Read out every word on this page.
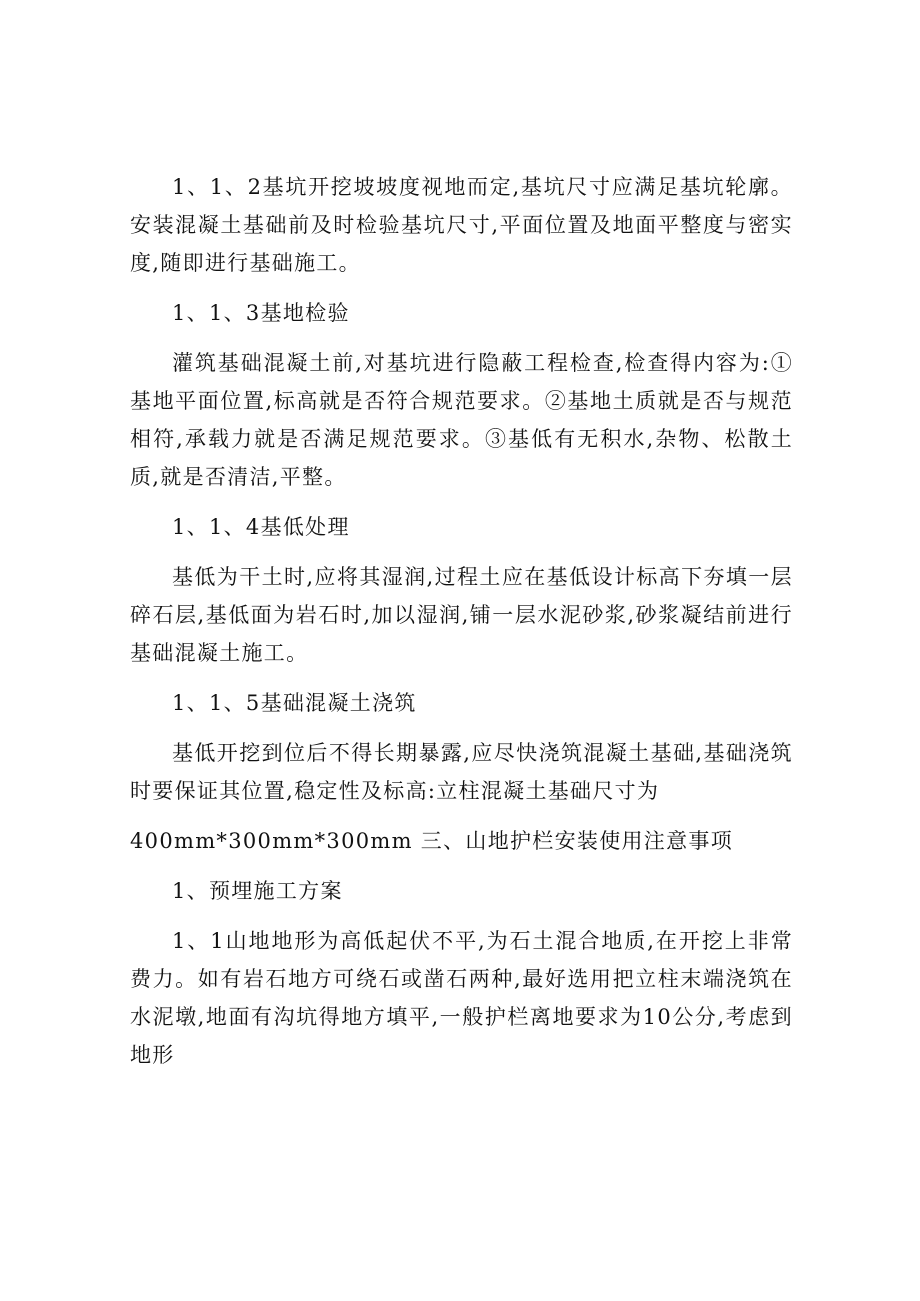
1、1、2基坑开挖坡坡度视地而定,基坑尺寸应满足基坑轮廓。安装混凝土基础前及时检验基坑尺寸,平面位置及地面平整度与密实度,随即进行基础施工。

1、1、3基地检验

灌筑基础混凝土前,对基坑进行隐蔽工程检查,检查得内容为:①基地平面位置,标高就是否符合规范要求。②基地土质就是否与规范相符,承载力就是否满足规范要求。③基低有无积水,杂物、松散土质,就是否清洁,平整。

1、1、4基低处理

基低为干土时,应将其湿润,过程土应在基低设计标高下夯填一层碎石层,基低面为岩石时,加以湿润,铺一层水泥砂浆,砂浆凝结前进行基础混凝土施工。

1、1、5基础混凝土浇筑

基低开挖到位后不得长期暴露,应尽快浇筑混凝土基础,基础浇筑时要保证其位置,稳定性及标高:立柱混凝土基础尺寸为

400mm*300mm*300mm 三、山地护栏安装使用注意事项

1、预埋施工方案

1、1山地地形为高低起伏不平,为石土混合地质,在开挖上非常费力。如有岩石地方可绕石或凿石两种,最好选用把立柱末端浇筑在水泥墩,地面有沟坑得地方填平,一般护栏离地要求为10公分,考虑到地形
